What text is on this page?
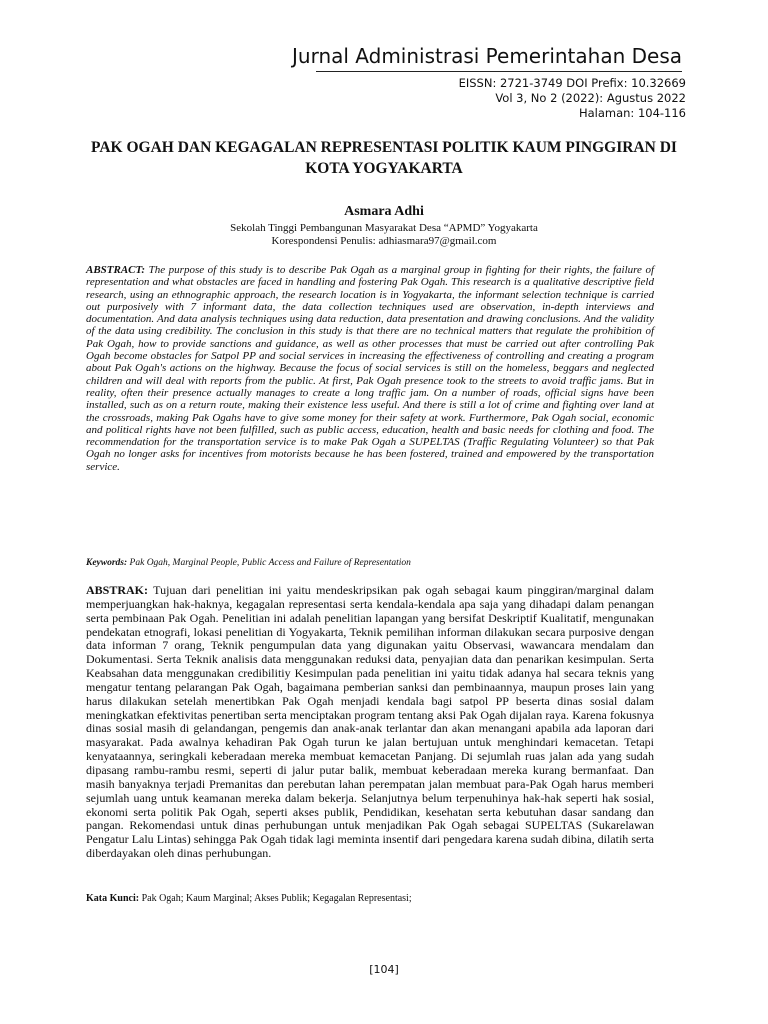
Jurnal Administrasi Pemerintahan Desa
EISSN: 2721-3749 DOI Prefix: 10.32669
Vol 3, No 2 (2022): Agustus 2022
Halaman: 104-116
PAK OGAH DAN KEGAGALAN REPRESENTASI POLITIK KAUM PINGGIRAN DI KOTA YOGYAKARTA
Asmara Adhi
Sekolah Tinggi Pembangunan Masyarakat Desa “APMD” Yogyakarta
Korespondensi Penulis: adhiasmara97@gmail.com
ABSTRACT: The purpose of this study is to describe Pak Ogah as a marginal group in fighting for their rights, the failure of representation and what obstacles are faced in handling and fostering Pak Ogah. This research is a qualitative descriptive field research, using an ethnographic approach, the research location is in Yogyakarta, the informant selection technique is carried out purposively with 7 informant data, the data collection techniques used are observation, in-depth interviews and documentation. And data analysis techniques using data reduction, data presentation and drawing conclusions. And the validity of the data using credibility. The conclusion in this study is that there are no technical matters that regulate the prohibition of Pak Ogah, how to provide sanctions and guidance, as well as other processes that must be carried out after controlling Pak Ogah become obstacles for Satpol PP and social services in increasing the effectiveness of controlling and creating a program about Pak Ogah's actions on the highway. Because the focus of social services is still on the homeless, beggars and neglected children and will deal with reports from the public. At first, Pak Ogah presence took to the streets to avoid traffic jams. But in reality, often their presence actually manages to create a long traffic jam. On a number of roads, official signs have been installed, such as on a return route, making their existence less useful. And there is still a lot of crime and fighting over land at the crossroads, making Pak Ogahs have to give some money for their safety at work. Furthermore, Pak Ogah social, economic and political rights have not been fulfilled, such as public access, education, health and basic needs for clothing and food. The recommendation for the transportation service is to make Pak Ogah a SUPELTAS (Traffic Regulating Volunteer) so that Pak Ogah no longer asks for incentives from motorists because he has been fostered, trained and empowered by the transportation service.
Keywords: Pak Ogah, Marginal People, Public Access and Failure of Representation
ABSTRAK: Tujuan dari penelitian ini yaitu mendeskripsikan pak ogah sebagai kaum pinggiran/marginal dalam memperjuangkan hak-haknya, kegagalan representasi serta kendala-kendala apa saja yang dihadapi dalam penangan serta pembinaan Pak Ogah. Penelitian ini adalah penelitian lapangan yang bersifat Deskriptif Kualitatif, mengunakan pendekatan etnografi, lokasi penelitian di Yogyakarta, Teknik pemilihan informan dilakukan secara purposive dengan data informan 7 orang, Teknik pengumpulan data yang digunakan yaitu Observasi, wawancara mendalam dan Dokumentasi. Serta Teknik analisis data menggunakan reduksi data, penyajian data dan penarikan kesimpulan. Serta Keabsahan data menggunakan credibilitiy Kesimpulan pada penelitian ini yaitu tidak adanya hal secara teknis yang mengatur tentang pelarangan Pak Ogah, bagaimana pemberian sanksi dan pembinaannya, maupun proses lain yang harus dilakukan setelah menertibkan Pak Ogah menjadi kendala bagi satpol PP beserta dinas sosial dalam meningkatkan efektivitas penertiban serta menciptakan program tentang aksi Pak Ogah dijalan raya. Karena fokusnya dinas sosial masih di gelandangan, pengemis dan anak-anak terlantar dan akan menangani apabila ada laporan dari masyarakat. Pada awalnya kehadiran Pak Ogah turun ke jalan bertujuan untuk menghindari kemacetan. Tetapi kenyataannya, seringkali keberadaan mereka membuat kemacetan Panjang. Di sejumlah ruas jalan ada yang sudah dipasang rambu-rambu resmi, seperti di jalur putar balik, membuat keberadaan mereka kurang bermanfaat. Dan masih banyaknya terjadi Premanitas dan perebutan lahan perempatan jalan membuat para-Pak Ogah harus memberi sejumlah uang untuk keamanan mereka dalam bekerja. Selanjutnya belum terpenuhinya hak-hak seperti hak sosial, ekonomi serta politik Pak Ogah, seperti akses publik, Pendidikan, kesehatan serta kebutuhan dasar sandang dan pangan. Rekomendasi untuk dinas perhubungan untuk menjadikan Pak Ogah sebagai SUPELTAS (Sukarelawan Pengatur Lalu Lintas) sehingga Pak Ogah tidak lagi meminta insentif dari pengedara karena sudah dibina, dilatih serta diberdayakan oleh dinas perhubungan.
Kata Kunci: Pak Ogah; Kaum Marginal; Akses Publik; Kegagalan Representasi;
[104]
